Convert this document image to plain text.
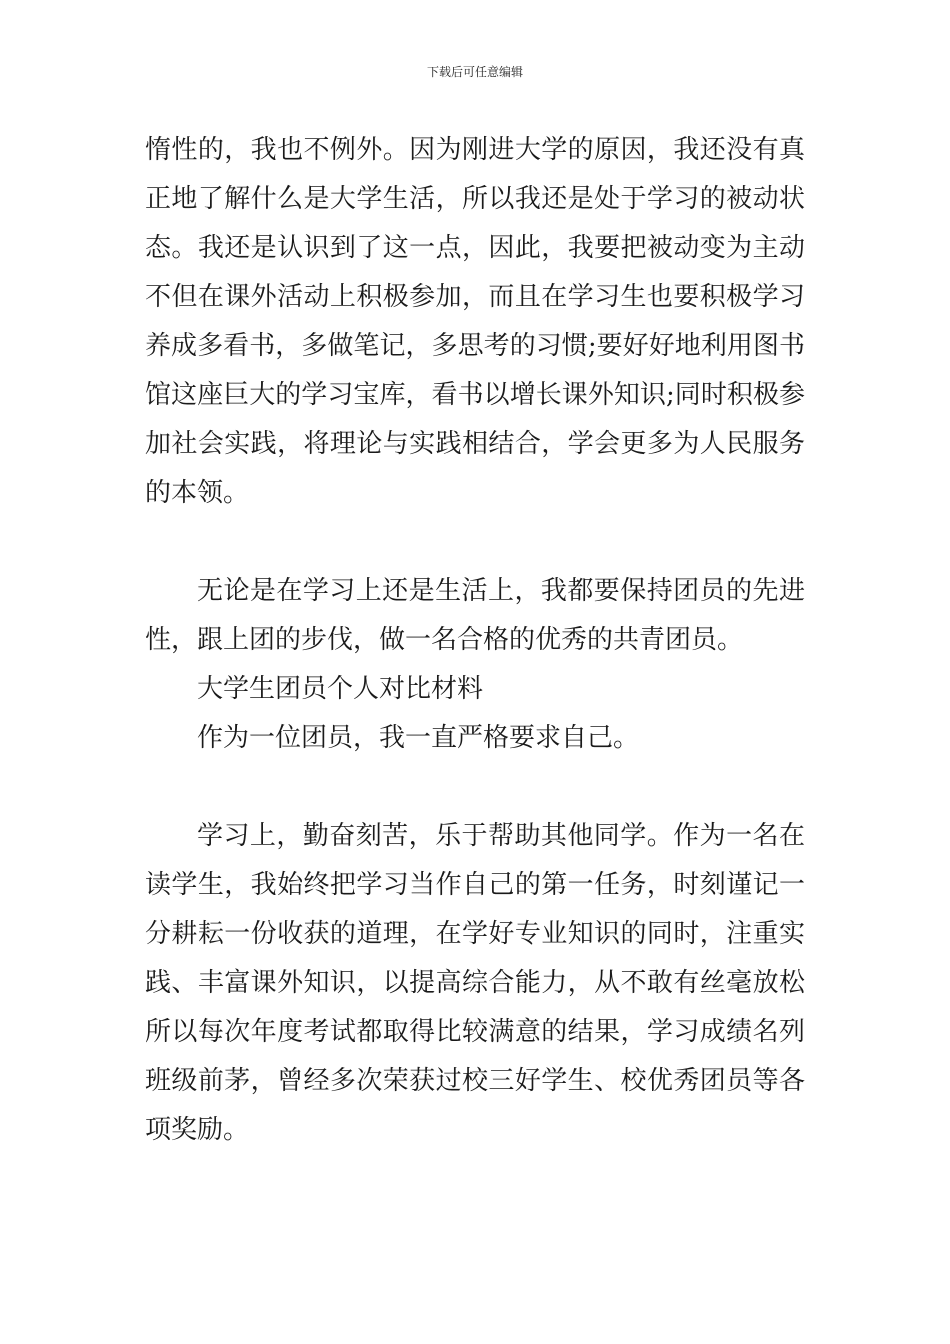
下载后可任意编辑

惰性的，我也不例外。因为刚进大学的原因，我还没有真正地了解什么是大学生活，所以我还是处于学习的被动状态。我还是认识到了这一点，因此，我要把被动变为主动不但在课外活动上积极参加，而且在学习生也要积极学习养成多看书，多做笔记，多思考的习惯;要好好地利用图书馆这座巨大的学习宝库，看书以增长课外知识;同时积极参加社会实践，将理论与实践相结合，学会更多为人民服务的本领。

无论是在学习上还是生活上，我都要保持团员的先进性，跟上团的步伐，做一名合格的优秀的共青团员。

大学生团员个人对比材料

作为一位团员，我一直严格要求自己。

学习上，勤奋刻苦，乐于帮助其他同学。作为一名在读学生，我始终把学习当作自己的第一任务，时刻谨记一分耕耘一份收获的道理，在学好专业知识的同时，注重实践、丰富课外知识，以提高综合能力，从不敢有丝毫放松所以每次年度考试都取得比较满意的结果，学习成绩名列班级前茅，曾经多次荣获过校三好学生、校优秀团员等各项奖励。
